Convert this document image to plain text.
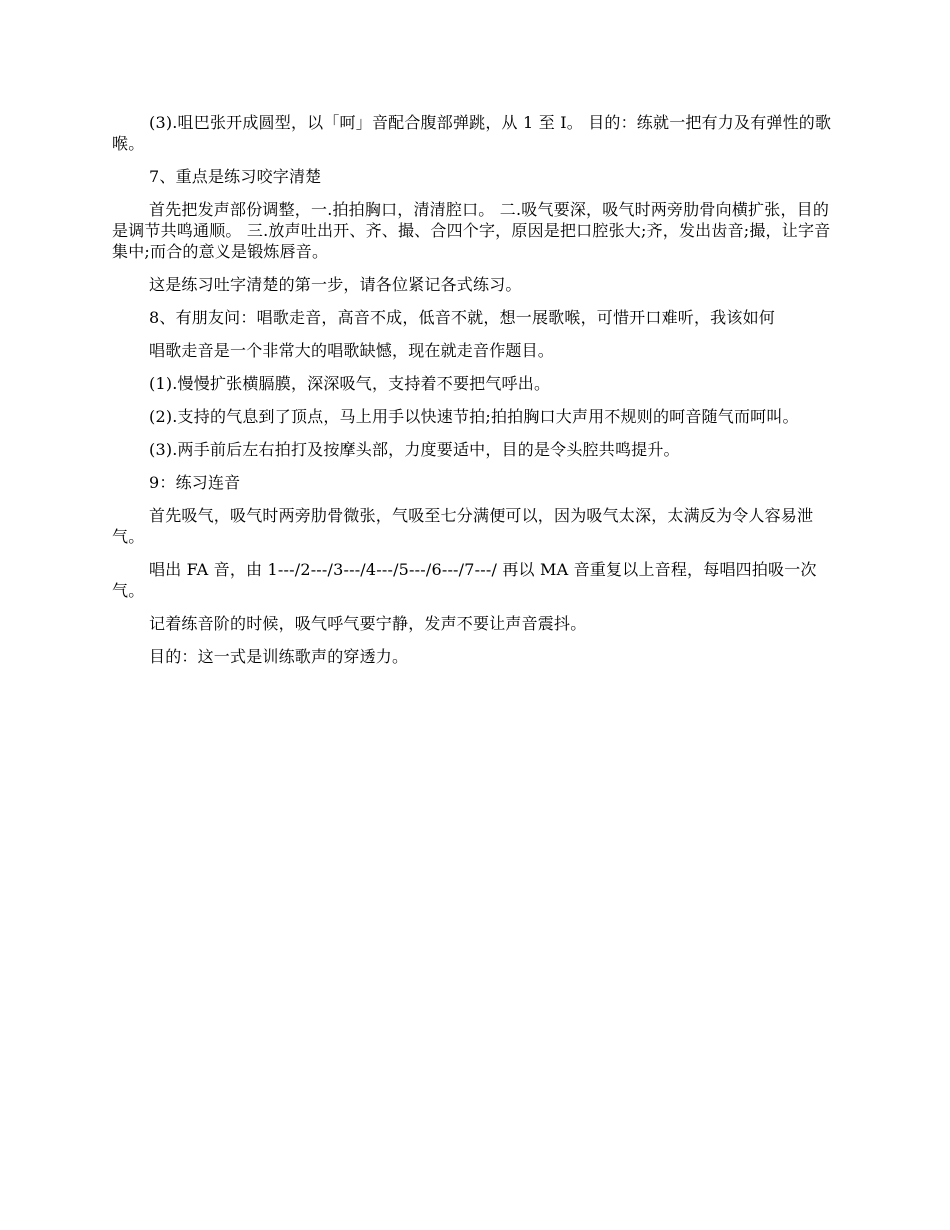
(3).咀巴张开成圆型，以「呵」音配合腹部弹跳，从 1 至 I。 目的：练就一把有力及有弹性的歌喉。

7、重点是练习咬字清楚

首先把发声部份调整，一.拍拍胸口，清清腔口。 二.吸气要深，吸气时两旁肋骨向横扩张，目的是调节共鸣通顺。 三.放声吐出开、齐、撮、合四个字，原因是把口腔张大;齐，发出齿音;撮，让字音集中;而合的意义是锻炼唇音。

这是练习吐字清楚的第一步，请各位紧记各式练习。

8、有朋友问：唱歌走音，高音不成，低音不就，想一展歌喉，可惜开口难听，我该如何

唱歌走音是一个非常大的唱歌缺憾，现在就走音作题目。

(1).慢慢扩张横膈膜，深深吸气，支持着不要把气呼出。

(2).支持的气息到了顶点，马上用手以快速节拍;拍拍胸口大声用不规则的呵音随气而呵叫。

(3).两手前后左右拍打及按摩头部，力度要适中，目的是令头腔共鸣提升。

9：练习连音

首先吸气，吸气时两旁肋骨微张，气吸至七分满便可以，因为吸气太深，太满反为令人容易泄气。

唱出 FA 音，由 1---/2---/3---/4---/5---/6---/7---/ 再以 MA 音重复以上音程，每唱四拍吸一次气。

记着练音阶的时候，吸气呼气要宁静，发声不要让声音震抖。

目的：这一式是训练歌声的穿透力。
